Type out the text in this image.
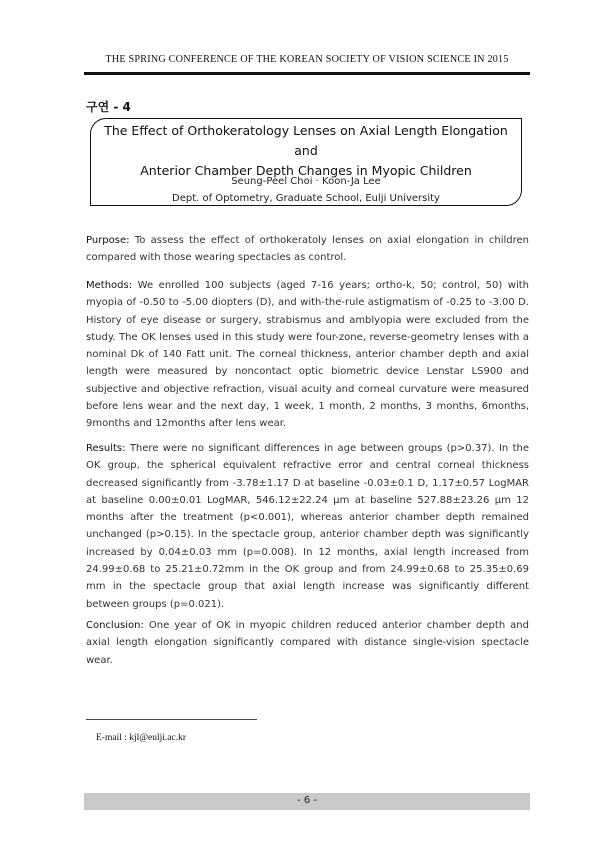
THE SPRING CONFERENCE OF THE KOREAN SOCIETY OF VISION SCIENCE IN 2015
구연 - 4
The Effect of Orthokeratology Lenses on Axial Length Elongation and
Anterior Chamber Depth Changes in Myopic Children
Seung-Peel Choi · Koon-Ja Lee
Dept. of Optometry, Graduate School, Eulji University
Purpose: To assess the effect of orthokeratoly lenses on axial elongation in children compared with those wearing spectacles as control.
Methods: We enrolled 100 subjects (aged 7-16 years; ortho-k, 50; control, 50) with myopia of -0.50 to -5.00 diopters (D), and with-the-rule astigmatism of -0.25 to -3.00 D. History of eye disease or surgery, strabismus and amblyopia were excluded from the study. The OK lenses used in this study were four-zone, reverse-geometry lenses with a nominal Dk of 140 Fatt unit. The corneal thickness, anterior chamber depth and axial length were measured by noncontact optic biometric device Lenstar LS900 and subjective and objective refraction, visual acuity and corneal curvature were measured before lens wear and the next day, 1 week, 1 month, 2 months, 3 months, 6months, 9months and 12months after lens wear.
Results: There were no significant differences in age between groups (p>0.37). In the OK group, the spherical equivalent refractive error and central corneal thickness decreased significantly from -3.78±1.17 D at baseline -0.03±0.1 D, 1.17±0.57 LogMAR at baseline 0.00±0.01 LogMAR, 546.12±22.24 μm at baseline 527.88±23.26 μm 12 months after the treatment (p<0.001), whereas anterior chamber depth remained unchanged (p>0.15). In the spectacle group, anterior chamber depth was significantly increased by 0.04±0.03 mm (p=0.008). In 12 months, axial length increased from 24.99±0.68 to 25.21±0.72mm in the OK group and from 24.99±0.68 to 25.35±0.69 mm in the spectacle group that axial length increase was significantly different between groups (p=0.021).
Conclusion: One year of OK in myopic children reduced anterior chamber depth and axial length elongation significantly compared with distance single-vision spectacle wear.
E-mail : kjl@eulji.ac.kr
- 6 -
